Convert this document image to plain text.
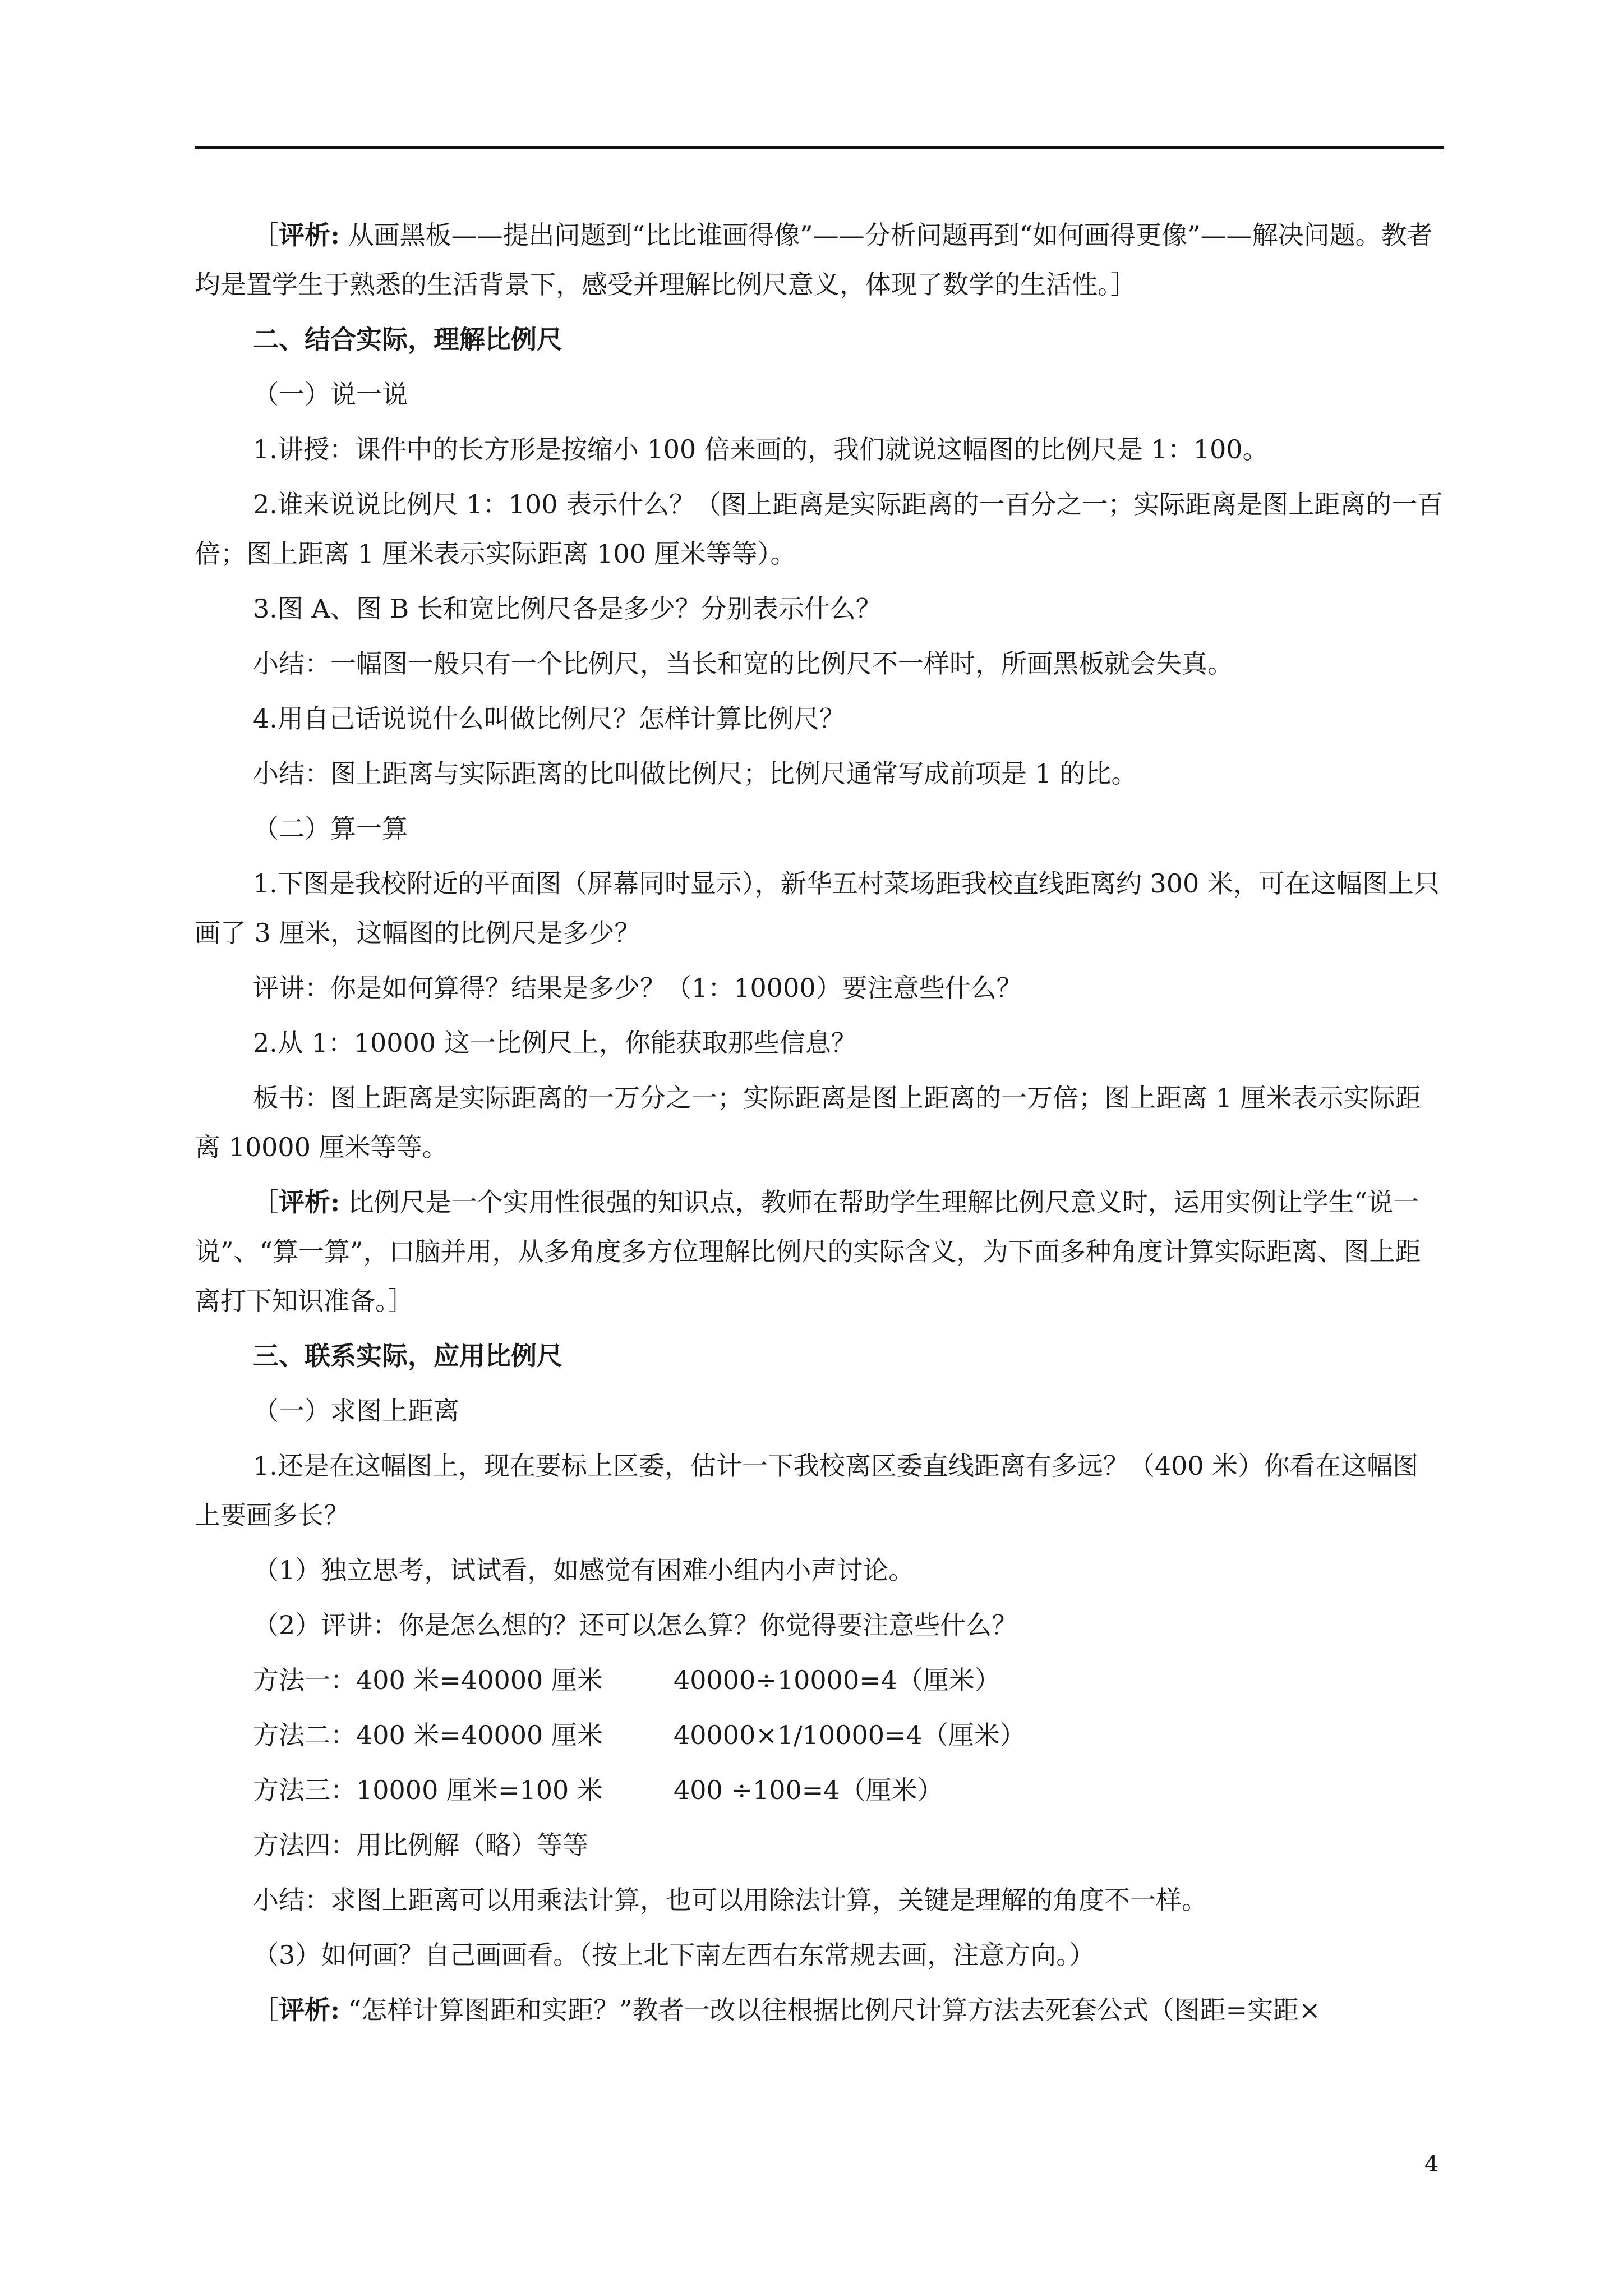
［评析: 从画黑板——提出问题到“比比谁画得像”——分析问题再到“如何画得更像”——解决问题。教者均是置学生于熟悉的生活背景下，感受并理解比例尺意义，体现了数学的生活性。］

二、结合实际，理解比例尺

（一）说一说

1.讲授：课件中的长方形是按缩小 100 倍来画的，我们就说这幅图的比例尺是 1：100。

2.谁来说说比例尺 1：100 表示什么？（图上距离是实际距离的一百分之一；实际距离是图上距离的一百倍；图上距离 1 厘米表示实际距离 100 厘米等等）。

3.图 A、图 B 长和宽比例尺各是多少？分别表示什么？

小结：一幅图一般只有一个比例尺，当长和宽的比例尺不一样时，所画黑板就会失真。

4.用自己话说说什么叫做比例尺？怎样计算比例尺？

小结：图上距离与实际距离的比叫做比例尺；比例尺通常写成前项是 1 的比。

（二）算一算

1.下图是我校附近的平面图（屏幕同时显示），新华五村菜场距我校直线距离约 300 米，可在这幅图上只画了 3 厘米，这幅图的比例尺是多少？

评讲：你是如何算得？结果是多少？（1：10000）要注意些什么？

2.从 1：10000 这一比例尺上，你能获取那些信息？

板书：图上距离是实际距离的一万分之一；实际距离是图上距离的一万倍；图上距离 1 厘米表示实际距离 10000 厘米等等。

［评析: 比例尺是一个实用性很强的知识点，教师在帮助学生理解比例尺意义时，运用实例让学生“说一说”、“算一算”，口脑并用，从多角度多方位理解比例尺的实际含义，为下面多种角度计算实际距离、图上距离打下知识准备。］

三、联系实际，应用比例尺

（一）求图上距离

1.还是在这幅图上，现在要标上区委，估计一下我校离区委直线距离有多远？（400 米）你看在这幅图上要画多长？

（1）独立思考，试试看，如感觉有困难小组内小声讨论。

（2）评讲：你是怎么想的？还可以怎么算？你觉得要注意些什么？

方法一：400 米=40000 厘米	40000÷10000=4（厘米）
方法二：400 米=40000 厘米	40000×1/10000=4（厘米）
方法三：10000 厘米=100 米	400 ÷100=4（厘米）

方法四：用比例解（略）等等

小结：求图上距离可以用乘法计算，也可以用除法计算，关键是理解的角度不一样。

（3）如何画？自己画画看。（按上北下南左西右东常规去画，注意方向。）

［评析: “怎样计算图距和实距？”教者一改以往根据比例尺计算方法去死套公式（图距=实距×

4
